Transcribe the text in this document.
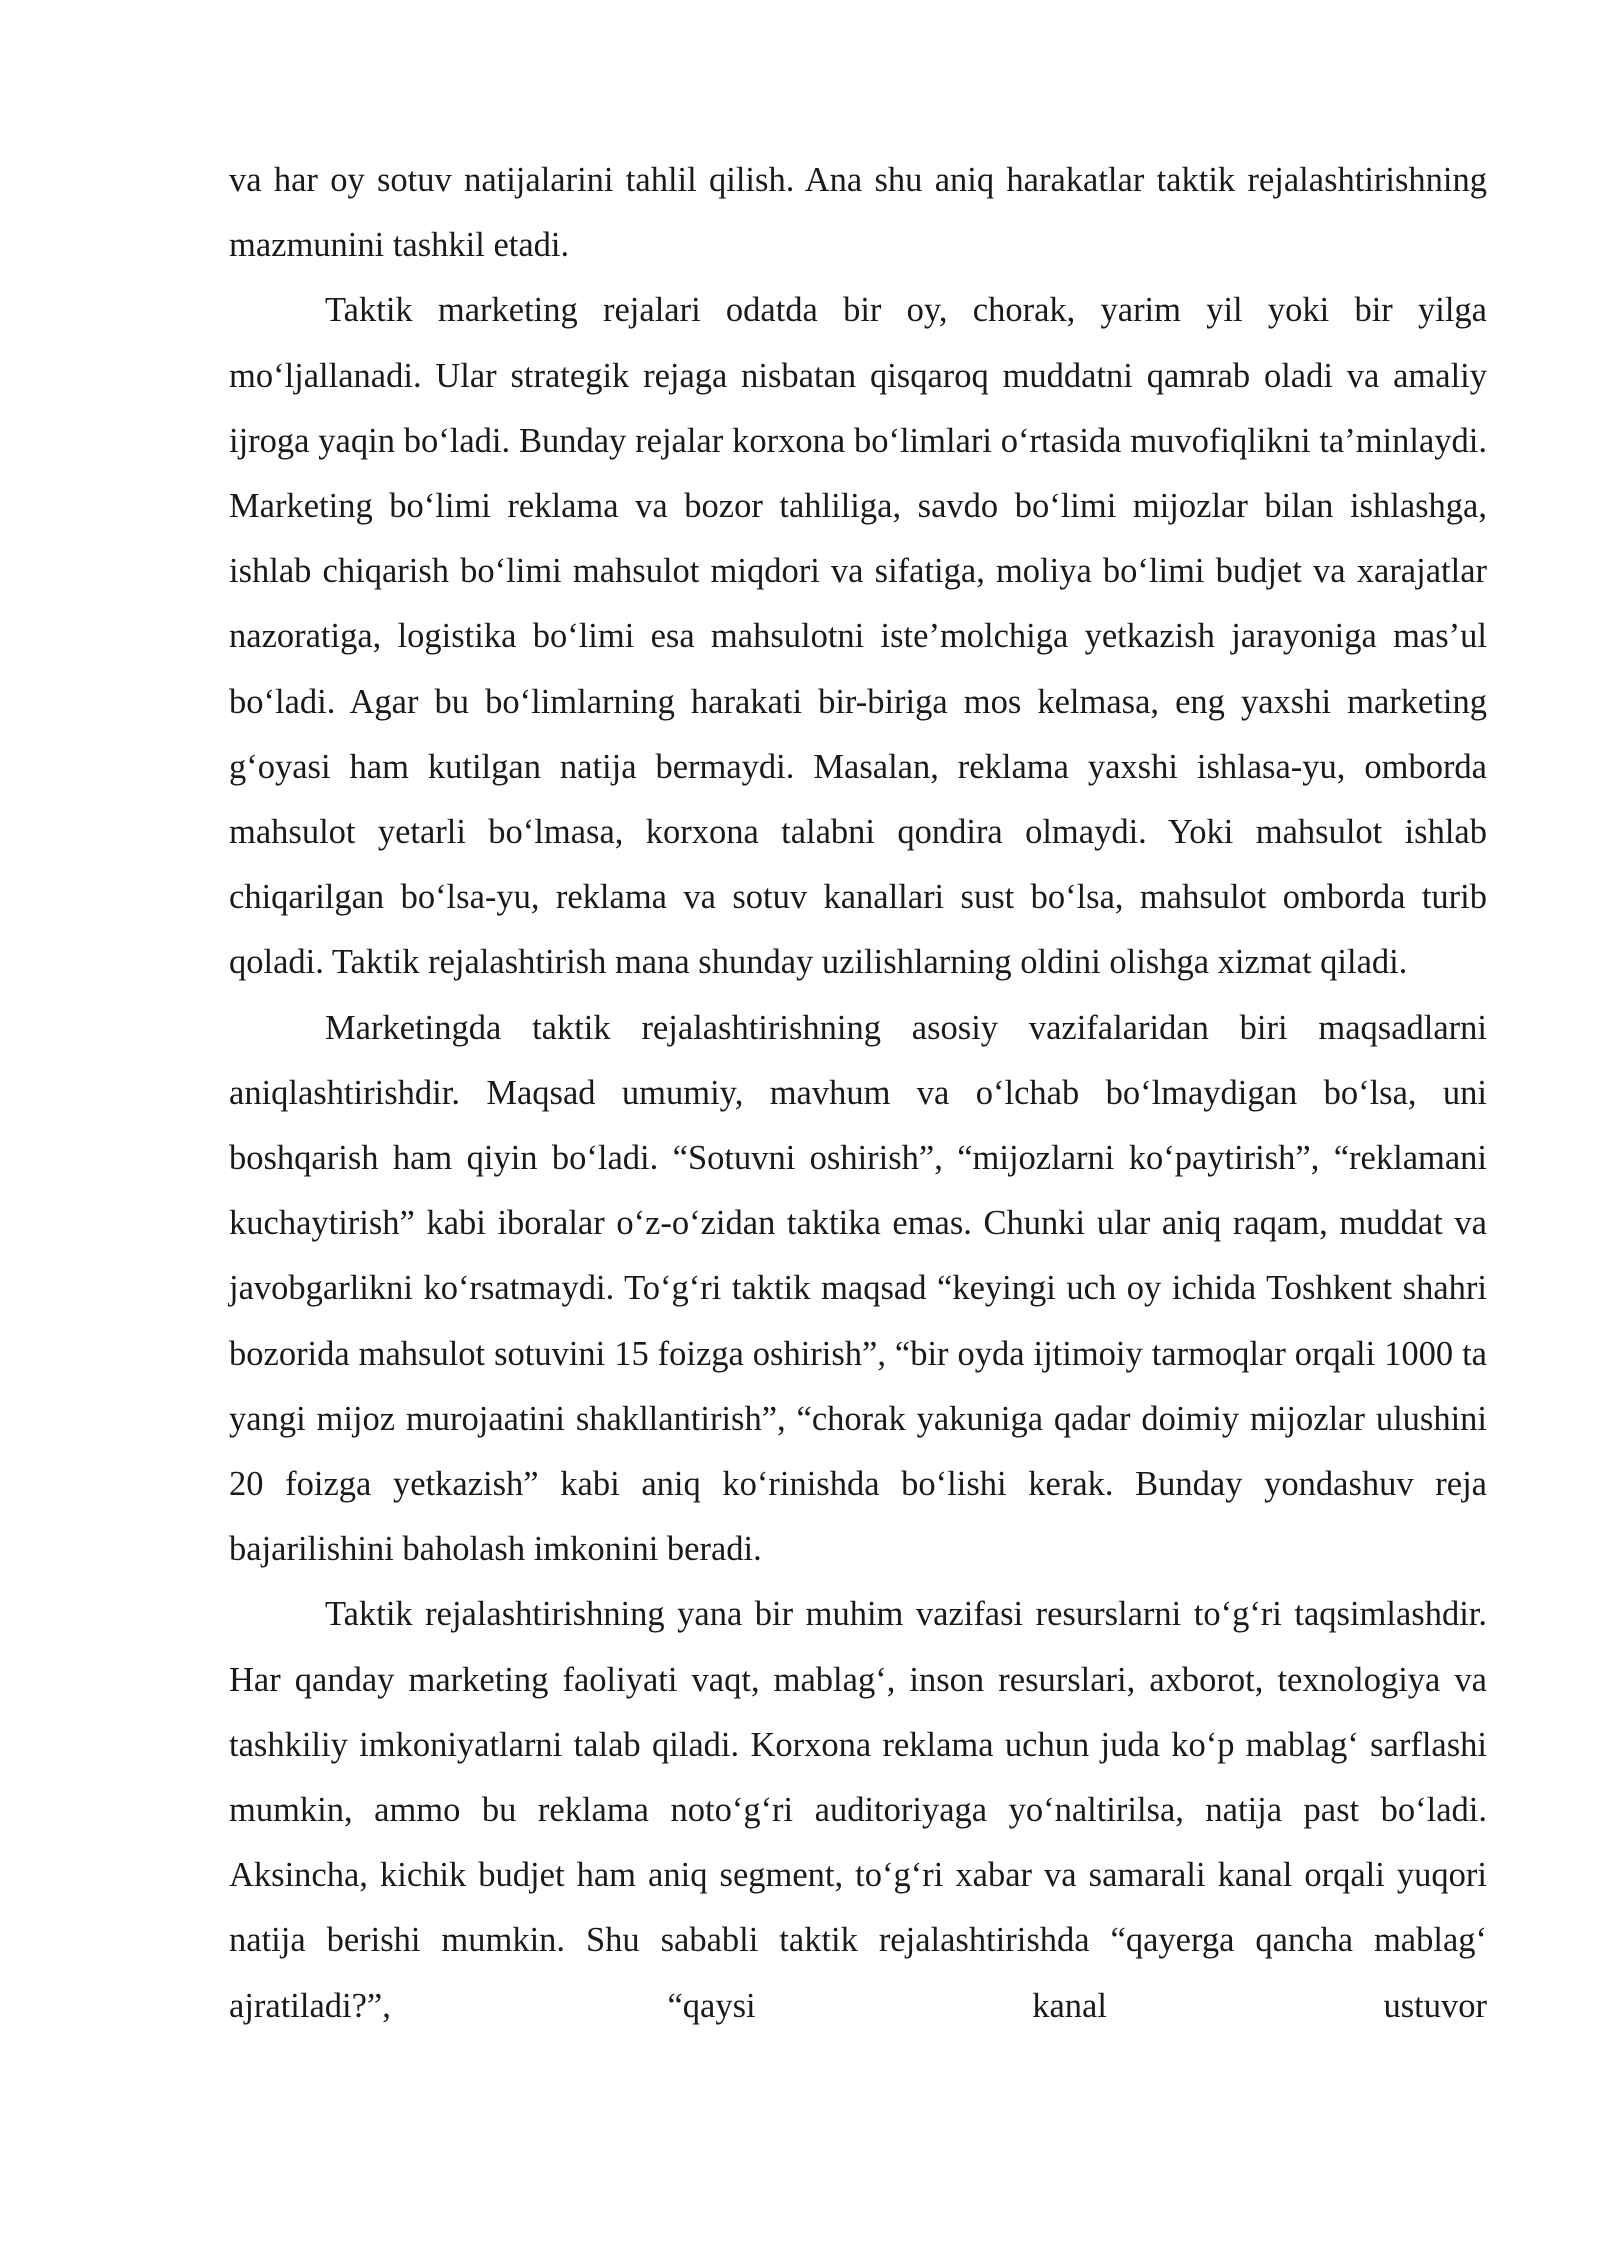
va har oy sotuv natijalarini tahlil qilish. Ana shu aniq harakatlar taktik rejalashtirishning mazmunini tashkil etadi.

Taktik marketing rejalari odatda bir oy, chorak, yarim yil yoki bir yilga mo‘ljallanadi. Ular strategik rejaga nisbatan qisqaroq muddatni qamrab oladi va amaliy ijroga yaqin bo‘ladi. Bunday rejalar korxona bo‘limlari o‘rtasida muvofiqlikni ta’minlaydi. Marketing bo‘limi reklama va bozor tahliliga, savdo bo‘limi mijozlar bilan ishlashga, ishlab chiqarish bo‘limi mahsulot miqdori va sifatiga, moliya bo‘limi budjet va xarajatlar nazoratiga, logistika bo‘limi esa mahsulotni iste’molchiga yetkazish jarayoniga mas’ul bo‘ladi. Agar bu bo‘limlarning harakati bir-biriga mos kelmasa, eng yaxshi marketing g‘oyasi ham kutilgan natija bermaydi. Masalan, reklama yaxshi ishlasa-yu, omborda mahsulot yetarli bo‘lmasa, korxona talabni qondira olmaydi. Yoki mahsulot ishlab chiqarilgan bo‘lsa-yu, reklama va sotuv kanallari sust bo‘lsa, mahsulot omborda turib qoladi. Taktik rejalashtirish mana shunday uzilishlarning oldini olishga xizmat qiladi.

Marketingda taktik rejalashtirishning asosiy vazifalaridan biri maqsadlarni aniqlashtirishdir. Maqsad umumiy, mavhum va o‘lchab bo‘lmaydigan bo‘lsa, uni boshqarish ham qiyin bo‘ladi. “Sotuvni oshirish”, “mijozlarni ko‘paytirish”, “reklamani kuchaytirish” kabi iboralar o‘z-o‘zidan taktika emas. Chunki ular aniq raqam, muddat va javobgarlikni ko‘rsatmaydi. To‘g‘ri taktik maqsad “keyingi uch oy ichida Toshkent shahri bozorida mahsulot sotuvini 15 foizga oshirish”, “bir oyda ijtimoiy tarmoqlar orqali 1000 ta yangi mijoz murojaatini shakllantirish”, “chorak yakuniga qadar doimiy mijozlar ulushini 20 foizga yetkazish” kabi aniq ko‘rinishda bo‘lishi kerak. Bunday yondashuv reja bajarilishini baholash imkonini beradi.

Taktik rejalashtirishning yana bir muhim vazifasi resurslarni to‘g‘ri taqsimlashdir. Har qanday marketing faoliyati vaqt, mablag‘, inson resurslari, axborot, texnologiya va tashkiliy imkoniyatlarni talab qiladi. Korxona reklama uchun juda ko‘p mablag‘ sarflashi mumkin, ammo bu reklama noto‘g‘ri auditoriyaga yo‘naltirilsa, natija past bo‘ladi. Aksincha, kichik budjet ham aniq segment, to‘g‘ri xabar va samarali kanal orqali yuqori natija berishi mumkin. Shu sababli taktik rejalashtirishda “qayerga qancha mablag‘ ajratiladi?”, “qaysi kanal ustuvor
